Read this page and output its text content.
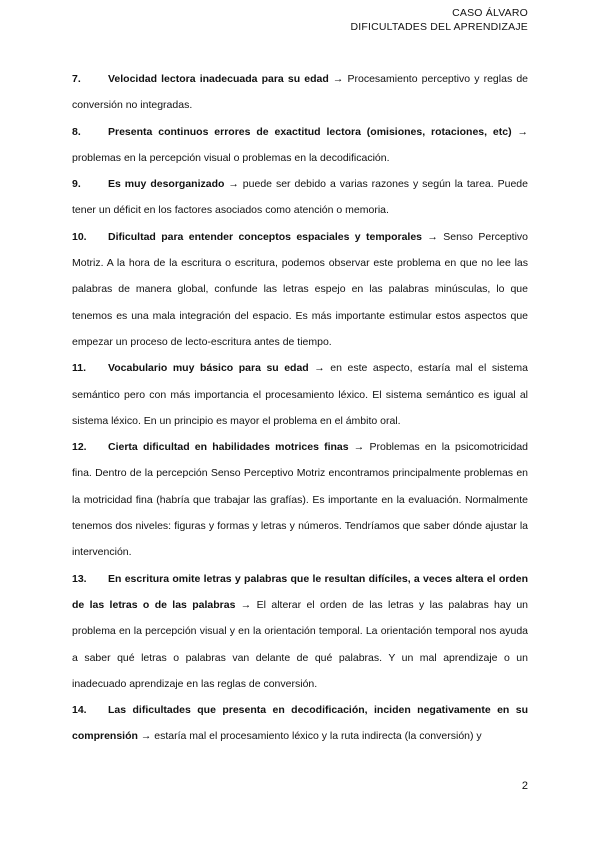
CASO ÁLVARO
DIFICULTADES DEL APRENDIZAJE

7.	Velocidad lectora inadecuada para su edad → Procesamiento perceptivo y reglas de conversión no integradas.

8.	Presenta continuos errores de exactitud lectora (omisiones, rotaciones, etc) → problemas en la percepción visual o problemas en la decodificación.

9.	Es muy desorganizado → puede ser debido a varias razones y según la tarea. Puede tener un déficit en los factores asociados como atención o memoria.

10. Dificultad para entender conceptos espaciales y temporales → Senso Perceptivo Motriz. A la hora de la escritura o escritura, podemos observar este problema en que no lee las palabras de manera global, confunde las letras espejo en las palabras minúsculas, lo que tenemos es una mala integración del espacio. Es más importante estimular estos aspectos que empezar un proceso de lecto-escritura antes de tiempo.

11. Vocabulario muy básico para su edad → en este aspecto, estaría mal el sistema semántico pero con más importancia el procesamiento léxico. El sistema semántico es igual al sistema léxico. En un principio es mayor el problema en el ámbito oral.

12. Cierta dificultad en habilidades motrices finas → Problemas en la psicomotricidad fina. Dentro de la percepción Senso Perceptivo Motriz encontramos principalmente problemas en la motricidad fina (habría que trabajar las grafías). Es importante en la evaluación. Normalmente tenemos dos niveles: figuras y formas y letras y números. Tendríamos que saber dónde ajustar la intervención.

13. En escritura omite letras y palabras que le resultan difíciles, a veces altera el orden de las letras o de las palabras → El alterar el orden de las letras y las palabras hay un problema en la percepción visual y en la orientación temporal. La orientación temporal nos ayuda a saber qué letras o palabras van delante de qué palabras. Y un mal aprendizaje o un inadecuado aprendizaje en las reglas de conversión.

14. Las dificultades que presenta en decodificación, inciden negativamente en su comprensión → estaría mal el procesamiento léxico y la ruta indirecta (la conversión) y

2
